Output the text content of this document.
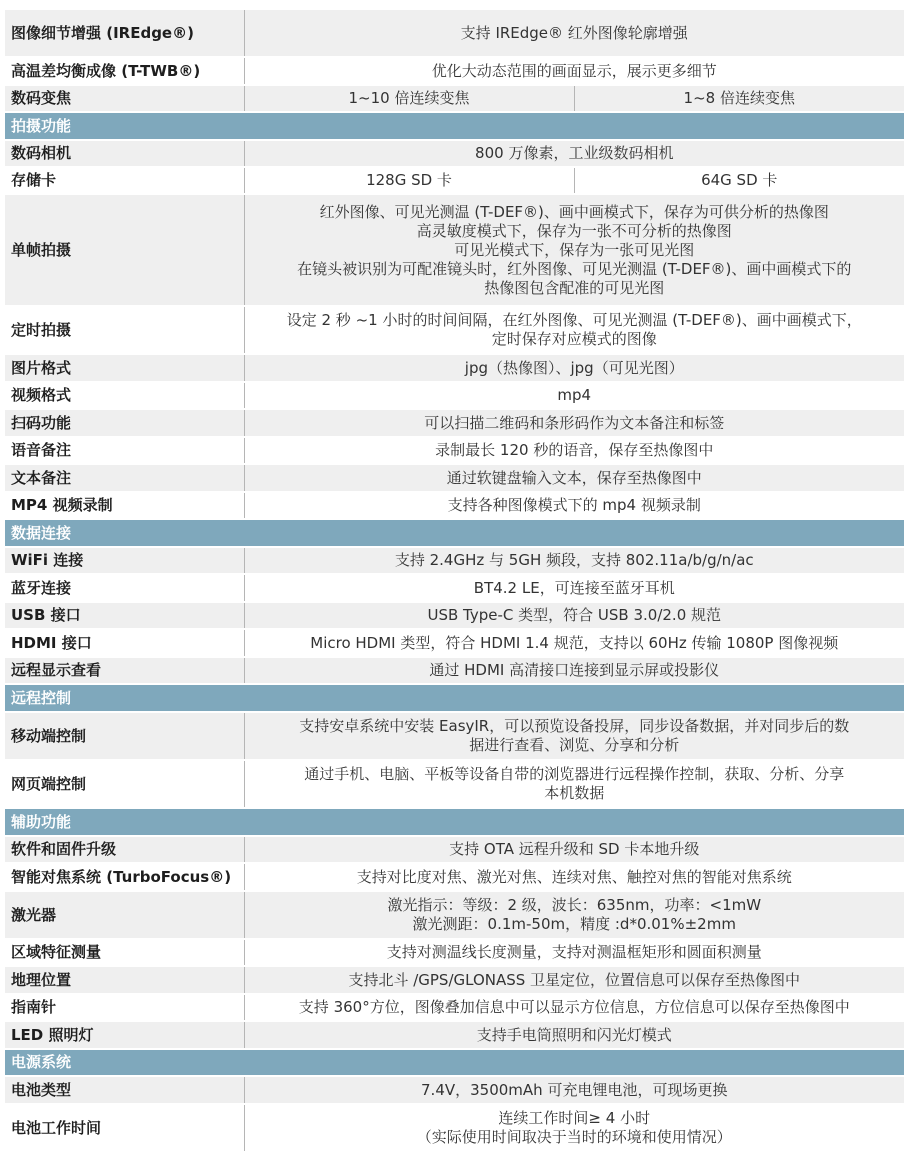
图像细节增强 (IREdge®)	支持 IREdge® 红外图像轮廓增强	
高温差均衡成像 (T-TWB®)	优化大动态范围的画面显示，展示更多细节	
数码变焦	1~10 倍连续变焦	1~8 倍连续变焦
拍摄功能		
数码相机	800 万像素，工业级数码相机	
存储卡	128G SD 卡	64G SD 卡
单帧拍摄	红外图像、可见光测温 (T-DEF®)、画中画模式下，保存为可供分析的热像图
高灵敏度模式下，保存为一张不可分析的热像图
可见光模式下，保存为一张可见光图
在镜头被识别为可配准镜头时，红外图像、可见光测温 (T-DEF®)、画中画模式下的
热像图包含配准的可见光图	

定时拍摄	设定 2 秒 ~1 小时的时间间隔，在红外图像、可见光测温 (T-DEF®)、画中画模式下，
定时保存对应模式的图像	

图片格式	jpg（热像图）、jpg（可见光图）	
视频格式	mp4	
扫码功能	可以扫描二维码和条形码作为文本备注和标签	
语音备注	录制最长 120 秒的语音，保存至热像图中	
文本备注	通过软键盘输入文本，保存至热像图中	
MP4 视频录制	支持各种图像模式下的 mp4 视频录制	
数据连接		
WiFi 连接	支持 2.4GHz 与 5GH 频段，支持 802.11a/b/g/n/ac	
蓝牙连接	BT4.2 LE，可连接至蓝牙耳机	
USB 接口	USB Type-C 类型，符合 USB 3.0/2.0 规范	
HDMI 接口	Micro HDMI 类型，符合 HDMI 1.4 规范，支持以 60Hz 传输 1080P 图像视频	
远程显示查看	通过 HDMI 高清接口连接到显示屏或投影仪	
远程控制		
移动端控制	支持安卓系统中安装 EasyIR，可以预览设备投屏，同步设备数据，并对同步后的数
据进行查看、浏览、分享和分析	

网页端控制	通过手机、电脑、平板等设备自带的浏览器进行远程操作控制，获取、分析、分享
本机数据	

辅助功能		
软件和固件升级	支持 OTA 远程升级和 SD 卡本地升级	
智能对焦系统 (TurboFocus®)	支持对比度对焦、激光对焦、连续对焦、触控对焦的智能对焦系统	
激光器	激光指示：等级：2 级，波长：635nm，功率：<1mW
激光测距：0.1m-50m，精度 :d*0.01%±2mm	

区域特征测量	支持对测温线长度测量，支持对测温框矩形和圆面积测量	
地理位置	支持北斗 /GPS/GLONASS 卫星定位，位置信息可以保存至热像图中	
指南针	支持 360°方位，图像叠加信息中可以显示方位信息，方位信息可以保存至热像图中	
LED 照明灯	支持手电筒照明和闪光灯模式	
电源系统		
电池类型	7.4V，3500mAh 可充电锂电池，可现场更换	
电池工作时间	连续工作时间≥ 4 小时
（实际使用时间取决于当时的环境和使用情况）	
